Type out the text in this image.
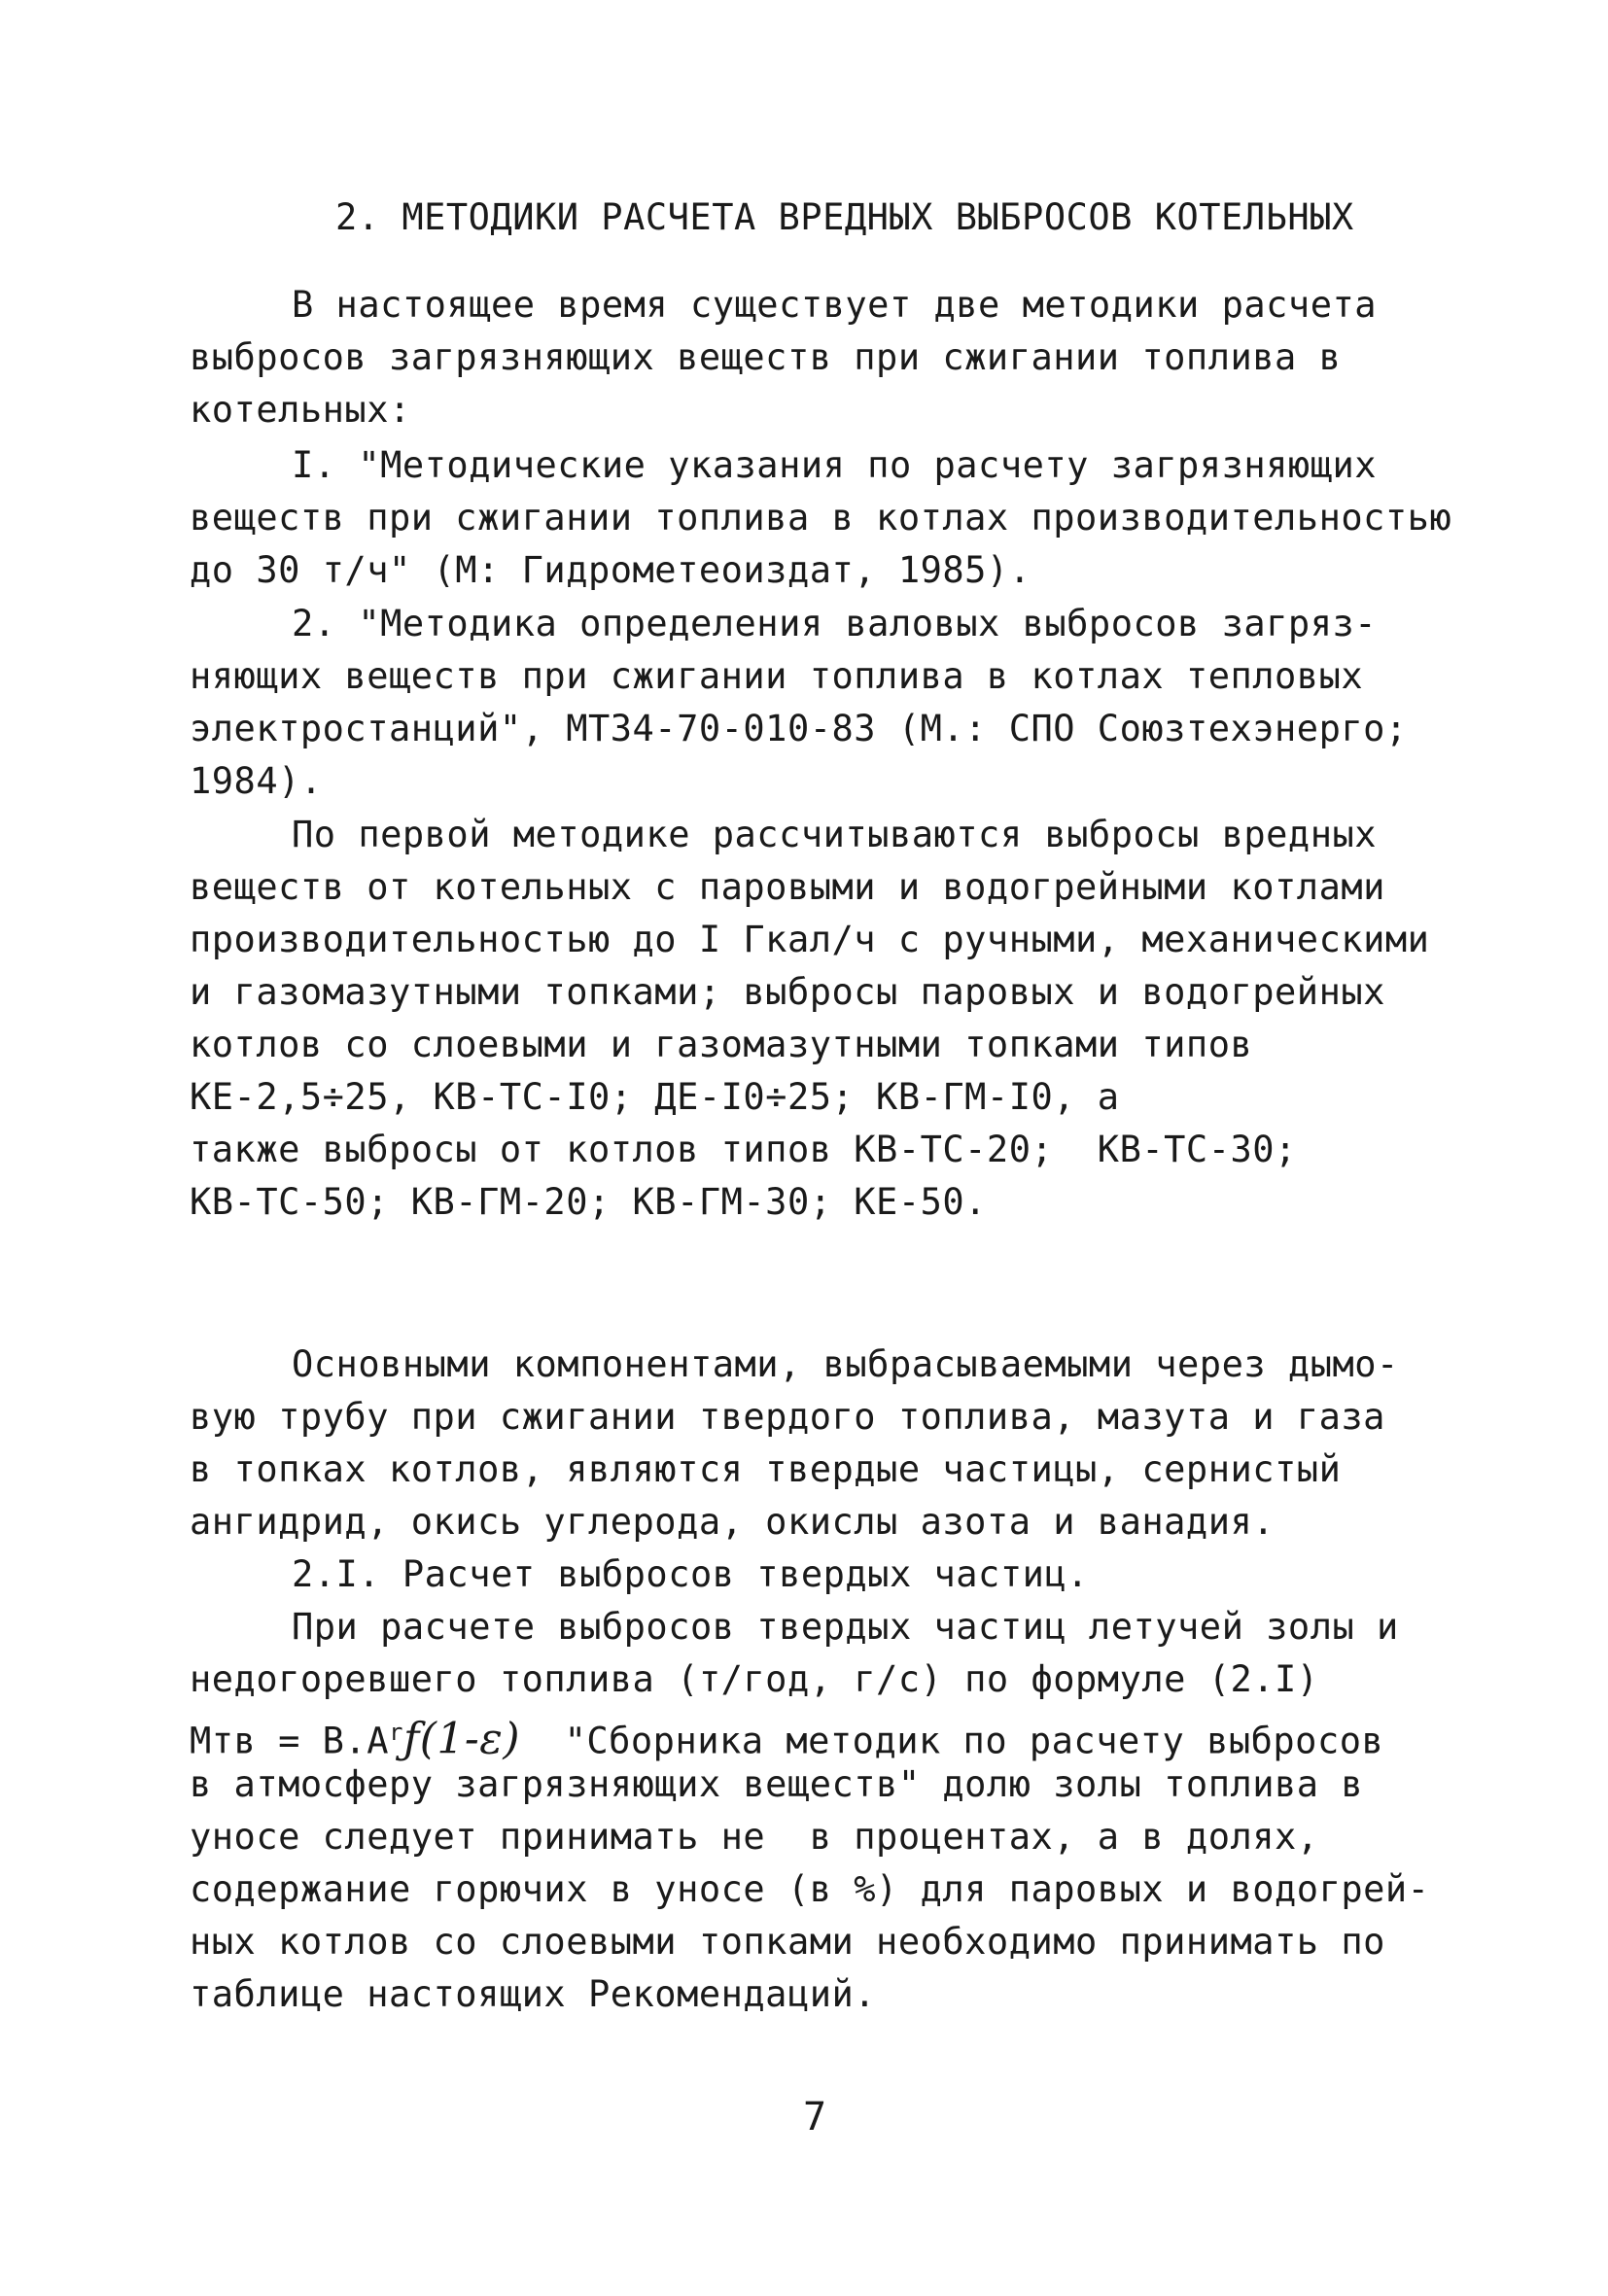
2. МЕТОДИКИ РАСЧЕТА ВРЕДНЫХ ВЫБРОСОВ КОТЕЛЬНЫХ
В настоящее время существует две методики расчета
выбросов загрязняющих веществ при сжигании топлива в
котельных:
I. "Методические указания по расчету загрязняющих
веществ при сжигании топлива в котлах производительностью
до 30 т/ч" (М: Гидрометеоиздат, 1985).
2. "Методика определения валовых выбросов загряз-
няющих веществ при сжигании топлива в котлах тепловых
электростанций", МТ34-70-010-83 (М.: СПО Союзтехэнерго;
1984).
По первой методике рассчитываются выбросы вредных
веществ от котельных с паровыми и водогрейными котлами
производительностью до I Гкал/ч с ручными, механическими
и газомазутными топками; выбросы паровых и водогрейных
котлов со слоевыми и газомазутными топками типов
КЕ-2,5÷25, КВ-ТС-I0; ДЕ-I0÷25; КВ-ГМ-I0, а
также выбросы от котлов типов КВ-ТС-20;  КВ-ТС-30;
КВ-ТС-50; КВ-ГМ-20; КВ-ГМ-30; КЕ-50.
Основными компонентами, выбрасываемыми через дымо-
вую трубу при сжигании твердого топлива, мазута и газа
в топках котлов, являются твердые частицы, сернистый
ангидрид, окись углерода, окислы азота и ванадия.
2.I. Расчет выбросов твердых частиц.
При расчете выбросов твердых частиц летучей золы и
недогоревшего топлива (т/год, г/с) по формуле (2.I)
Мтв = $B.A^rƒ(1-ɛ)$  "Сборника методик по расчету выбросов
в атмосферу загрязняющих веществ" долю золы топлива в
уносе следует принимать не  в процентах, а в долях,
содержание горючих в уносе (в %) для паровых и водогрей-
ных котлов со слоевыми топками необходимо принимать по
таблице настоящих Рекомендаций.
7
